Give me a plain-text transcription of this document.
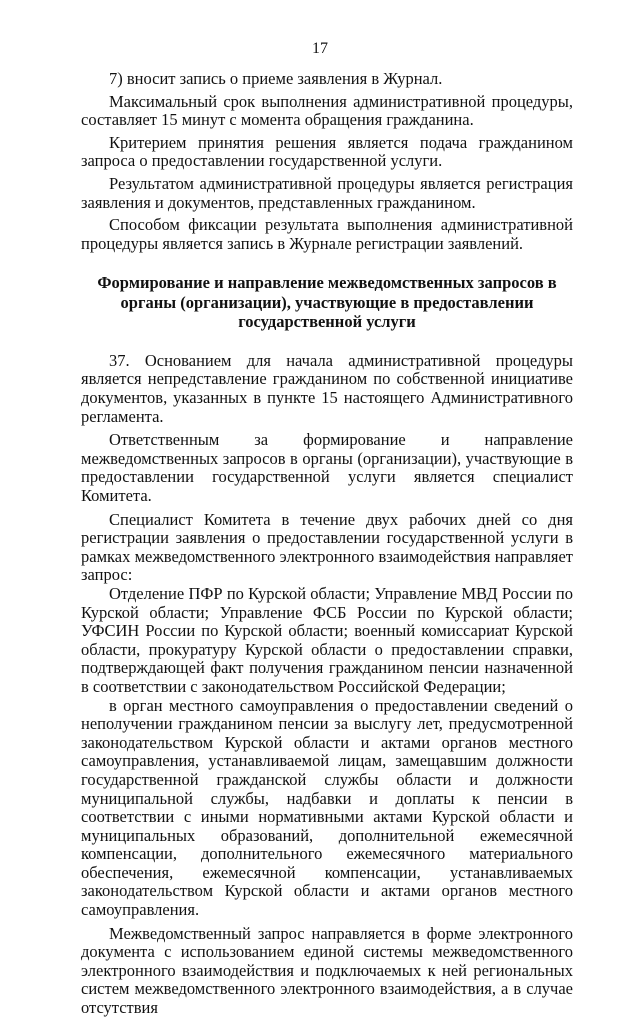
17

7) вносит запись о приеме заявления в Журнал.

Максимальный срок выполнения административной процедуры, составляет 15 минут с момента обращения гражданина.

Критерием принятия решения является подача гражданином запроса о предоставлении государственной услуги.

Результатом административной процедуры является регистрация заявления и документов, представленных гражданином.

Способом фиксации результата выполнения административной процедуры является запись в Журнале регистрации заявлений.

Формирование и направление межведомственных запросов в органы (организации), участвующие в предоставлении государственной услуги

37. Основанием для начала административной процедуры является непредставление гражданином по собственной инициативе документов, указанных в пункте 15 настоящего Административного регламента.

Ответственным за формирование и направление межведомственных запросов в органы (организации), участвующие в предоставлении государственной услуги является специалист Комитета.

Специалист Комитета в течение двух рабочих дней со дня регистрации заявления о предоставлении государственной услуги в рамках межведомственного электронного взаимодействия направляет запрос:

Отделение ПФР по Курской области; Управление МВД России по Курской области; Управление ФСБ России по Курской области; УФСИН России по Курской области; военный комиссариат Курской области, прокуратуру Курской области о предоставлении справки, подтверждающей факт получения гражданином пенсии назначенной в соответствии с законодательством Российской Федерации;

в орган местного самоуправления о предоставлении сведений о неполучении гражданином пенсии за выслугу лет, предусмотренной законодательством Курской области и актами органов местного самоуправления, устанавливаемой лицам, замещавшим должности государственной гражданской службы области и должности муниципальной службы, надбавки и доплаты к пенсии в соответствии с иными нормативными актами Курской области и муниципальных образований, дополнительной ежемесячной компенсации, дополнительного ежемесячного материального обеспечения, ежемесячной компенсации, устанавливаемых законодательством Курской области и актами органов местного самоуправления.

Межведомственный запрос направляется в форме электронного документа с использованием единой системы межведомственного электронного взаимодействия и подключаемых к ней региональных систем межведомственного электронного взаимодействия, а в случае отсутствия
